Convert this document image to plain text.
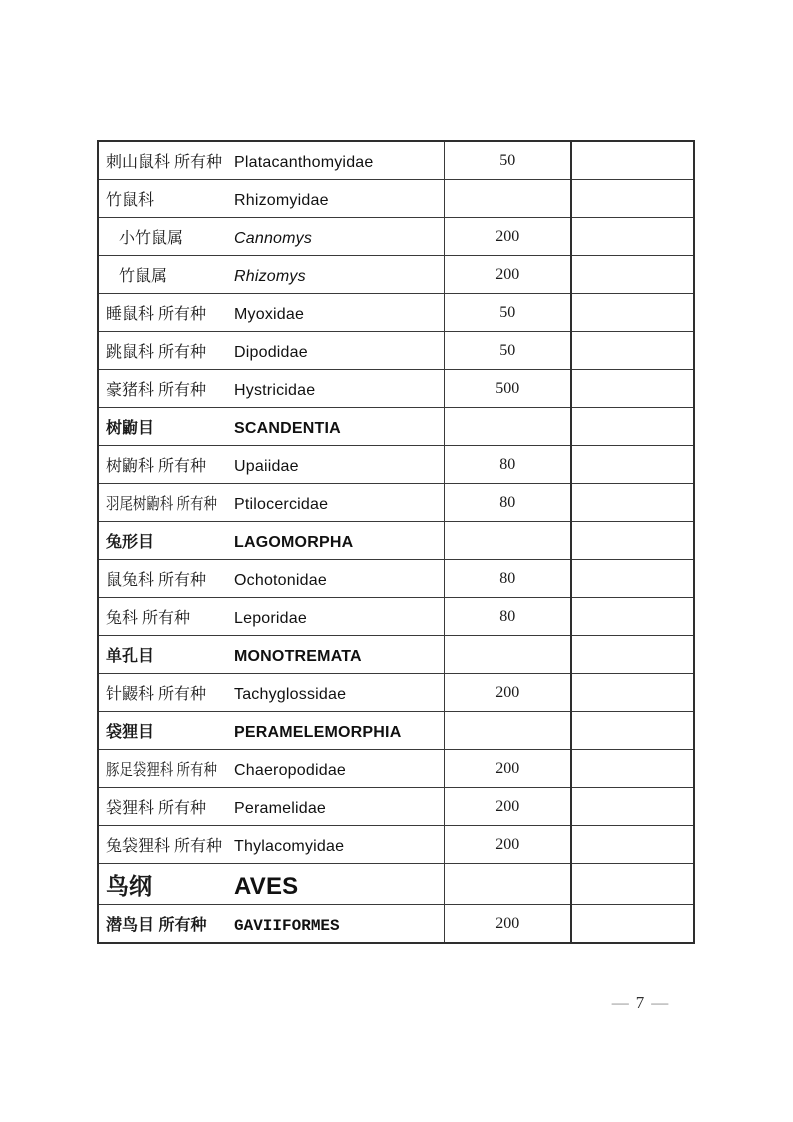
刺山鼠科 所有种 Platacanthomyidae	50	
竹鼠科 Rhizomyidae		
小竹鼠属 Cannomys	200	
竹鼠属 Rhizomys	200	
睡鼠科 所有种 Myoxidae	50	
跳鼠科 所有种 Dipodidae	50	
豪猪科 所有种 Hystricidae	500	
树鼩目 SCANDENTIA		
树鼩科 所有种 Upaiidae	80	
羽尾树鼩科 所有种 Ptilocercidae	80	
兔形目 LAGOMORPHA		
鼠兔科 所有种 Ochotonidae	80	
兔科 所有种 Leporidae	80	
单孔目 MONOTREMATA		
针鼹科 所有种 Tachyglossidae	200	
袋狸目 PERAMELEMORPHIA		
豚足袋狸科 所有种 Chaeropodidae	200	
袋狸科 所有种 Peramelidae	200	
兔袋狸科 所有种 Thylacomyidae	200	
鸟纲 AVES		
潜鸟目 所有种 GAVIIFORMES	200	
— 7 —
